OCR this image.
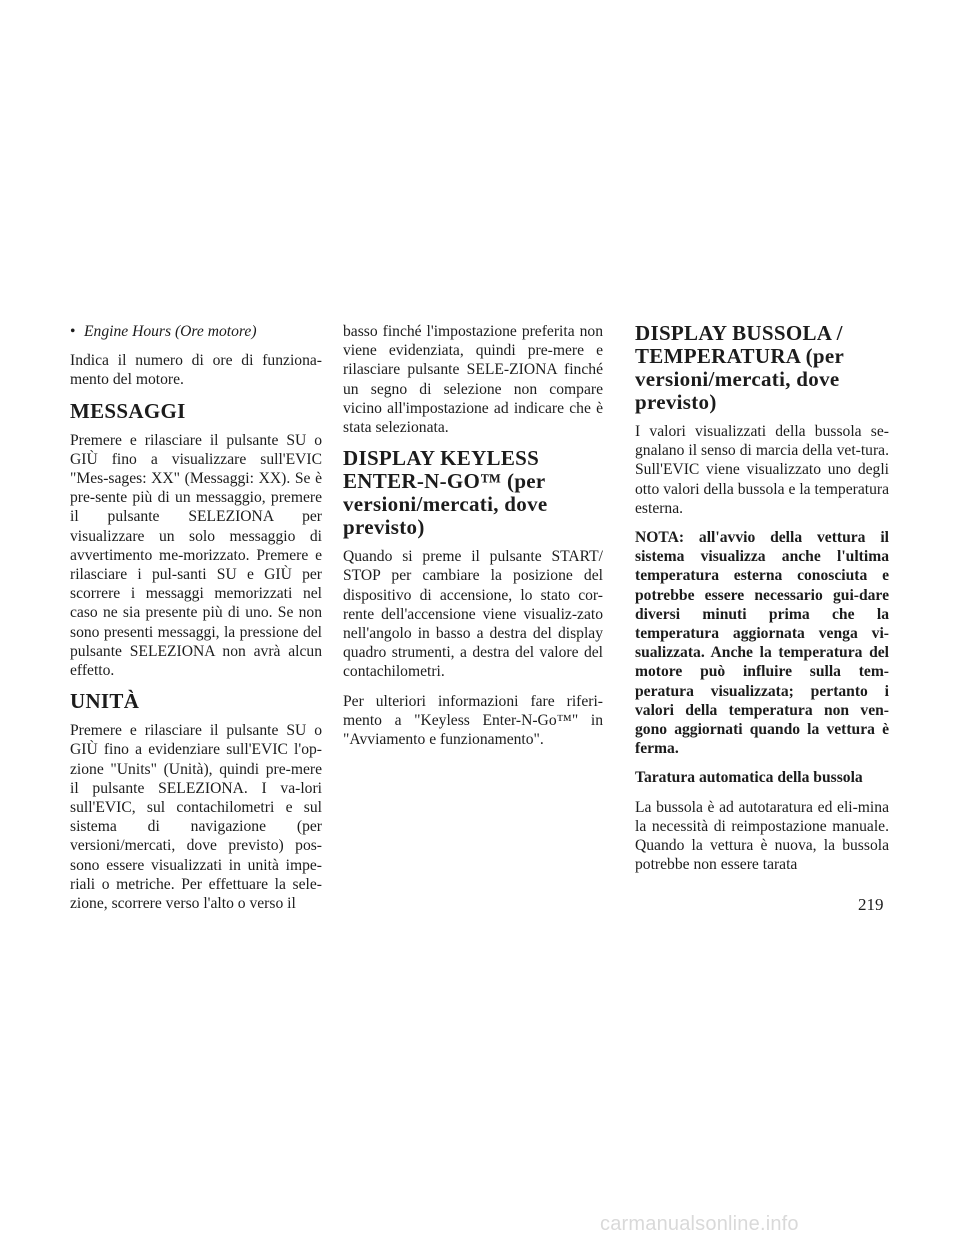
• Engine Hours (Ore motore)

Indica il numero di ore di funziona-mento del motore.

MESSAGGI

Premere e rilasciare il pulsante SU o GIÙ fino a visualizzare sull'EVIC "Mes-sages: XX" (Messaggi: XX). Se è pre-sente più di un messaggio, premere il pulsante SELEZIONA per visualizzare un solo messaggio di avvertimento me-morizzato. Premere e rilasciare i pul-santi SU e GIÙ per scorrere i messaggi memorizzati nel caso ne sia presente più di uno. Se non sono presenti messaggi, la pressione del pulsante SELEZIONA non avrà alcun effetto.

UNITÀ

Premere e rilasciare il pulsante SU o GIÙ fino a evidenziare sull'EVIC l'op-zione "Units" (Unità), quindi pre-mere il pulsante SELEZIONA. I va-lori sull'EVIC, sul contachilometri e sul sistema di navigazione (per versioni/mercati, dove previsto) pos-sono essere visualizzati in unità impe-riali o metriche. Per effettuare la sele-zione, scorrere verso l'alto o verso il

basso finché l'impostazione preferita non viene evidenziata, quindi pre-mere e rilasciare pulsante SELE-ZIONA finché un segno di selezione non compare vicino all'impostazione ad indicare che è stata selezionata.

DISPLAY KEYLESS ENTER-N-GO™ (per versioni/mercati, dove previsto)

Quando si preme il pulsante START/ STOP per cambiare la posizione del dispositivo di accensione, lo stato cor-rente dell'accensione viene visualiz-zato nell'angolo in basso a destra del display quadro strumenti, a destra del valore del contachilometri.

Per ulteriori informazioni fare riferi-mento a "Keyless Enter-N-Go™" in "Avviamento e funzionamento".

DISPLAY BUSSOLA / TEMPERATURA (per versioni/mercati, dove previsto)

I valori visualizzati della bussola se-gnalano il senso di marcia della vet-tura. Sull'EVIC viene visualizzato uno degli otto valori della bussola e la temperatura esterna.

NOTA: all'avvio della vettura il sistema visualizza anche l'ultima temperatura esterna conosciuta e potrebbe essere necessario gui-dare diversi minuti prima che la temperatura aggiornata venga vi-sualizzata. Anche la temperatura del motore può influire sulla tem-peratura visualizzata; pertanto i valori della temperatura non ven-gono aggiornati quando la vettura è ferma.

Taratura automatica della bussola

La bussola è ad autotaratura ed eli-mina la necessità di reimpostazione manuale. Quando la vettura è nuova, la bussola potrebbe non essere tarata

219
carmanualsonline.info
